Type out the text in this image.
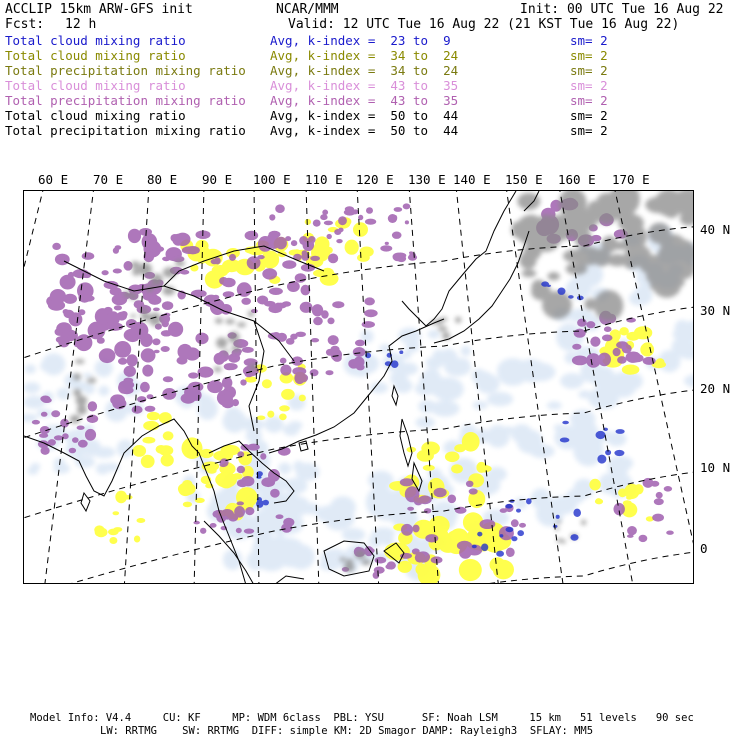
ACCLIP 15km ARW-GFS init	NCAR/MMM	Init: 00 UTC Tue 16 Aug 22
Fcst: 12 h	Valid: 12 UTC Tue 16 Aug 22 (21 KST Tue 16 Aug 22)
Total cloud mixing ratio	Avg, k-index =  23 to  9	sm= 2
Total cloud mixing ratio	Avg, k-index =  34 to  24	sm= 2
Total precipitation mixing ratio Avg, k-index =  34 to  24	sm= 2
Total cloud mixing ratio	Avg, k-index =  43 to  35	sm= 2
Total precipitation mixing ratio Avg, k-index =  43 to  35	sm= 2
Total cloud mixing ratio	Avg, k-index =  50 to  44	sm= 2
Total precipitation mixing ratio Avg, k-index =  50 to  44	sm= 2
60 E 70 E 80 E 90 E 100 E 110 E 120 E 130 E 140 E 150 E 160 E 170 E
40 N
30 N
20 N
10 N
0
Model Info: V4.4     CU: KF     MP: WDM 6class  PBL: YSU      SF: Noah LSM     15 km   51 levels   90 sec
LW: RRTMG    SW: RRTMG  DIFF: simple KM: 2D Smagor DAMP: Rayleigh3  SFLAY: MM5
